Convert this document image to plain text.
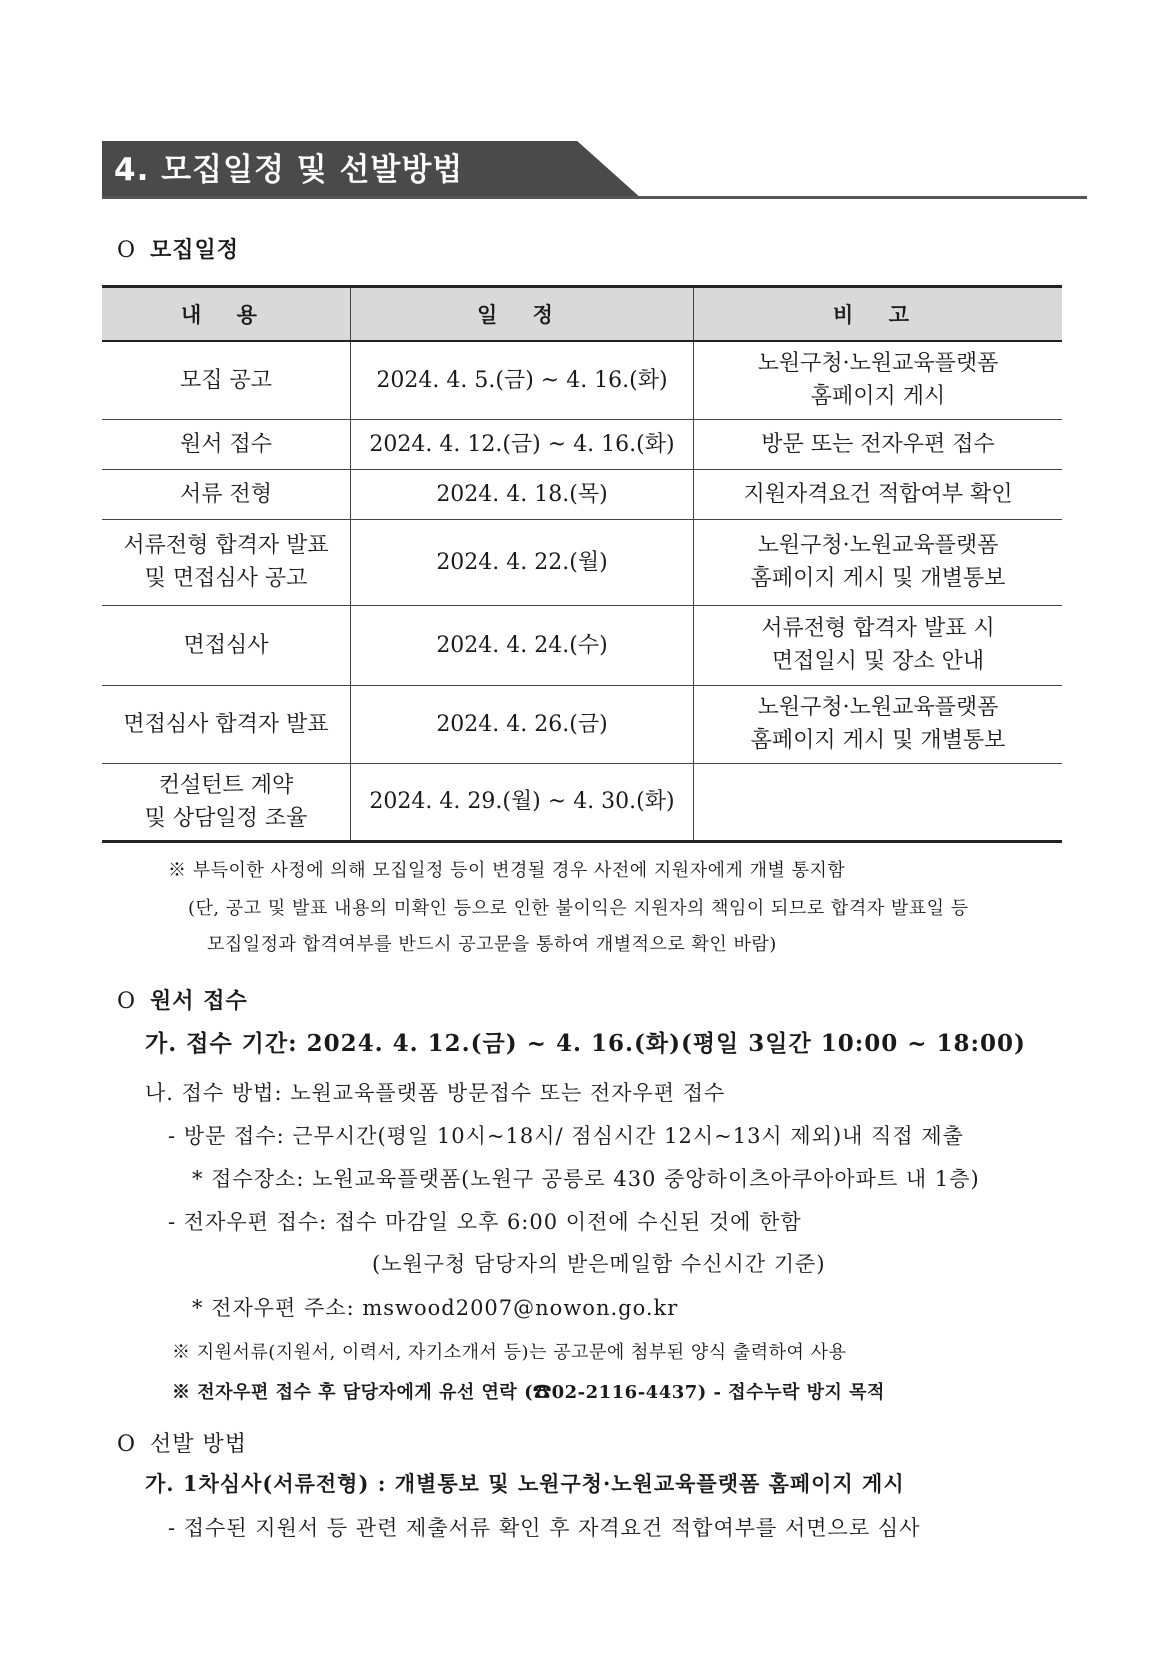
4. 모집일정 및 선발방법
O 모집일정
내 용	일 정	비 고
모집 공고	2024. 4. 5.(금) ~ 4. 16.(화)	노원구청·노원교육플랫폼
홈페이지 게시
원서 접수	2024. 4. 12.(금) ~ 4. 16.(화)	방문 또는 전자우편 접수
서류 전형	2024. 4. 18.(목)	지원자격요건 적합여부 확인
서류전형 합격자 발표
및 면접심사 공고	2024. 4. 22.(월)	노원구청·노원교육플랫폼
홈페이지 게시 및 개별통보
면접심사	2024. 4. 24.(수)	서류전형 합격자 발표 시
면접일시 및 장소 안내
면접심사 합격자 발표	2024. 4. 26.(금)	노원구청·노원교육플랫폼
홈페이지 게시 및 개별통보
컨설턴트 계약
및 상담일정 조율	2024. 4. 29.(월) ~ 4. 30.(화)	
※ 부득이한 사정에 의해 모집일정 등이 변경될 경우 사전에 지원자에게 개별 통지함
(단, 공고 및 발표 내용의 미확인 등으로 인한 불이익은 지원자의 책임이 되므로 합격자 발표일 등
모집일정과 합격여부를 반드시 공고문을 통하여 개별적으로 확인 바람)
O 원서 접수
가. 접수 기간: 2024. 4. 12.(금) ~ 4. 16.(화)(평일 3일간 10:00 ~ 18:00)
나. 접수 방법: 노원교육플랫폼 방문접수 또는 전자우편 접수
- 방문 접수: 근무시간(평일 10시~18시/ 점심시간 12시~13시 제외)내 직접 제출
* 접수장소: 노원교육플랫폼(노원구 공릉로 430 중앙하이츠아쿠아아파트 내 1층)
- 전자우편 접수: 접수 마감일 오후 6:00 이전에 수신된 것에 한함
(노원구청 담당자의 받은메일함 수신시간 기준)
* 전자우편 주소: mswood2007@nowon.go.kr
※ 지원서류(지원서, 이력서, 자기소개서 등)는 공고문에 첨부된 양식 출력하여 사용
※ 전자우편 접수 후 담당자에게 유선 연락 (☎02-2116-4437) - 접수누락 방지 목적
O 선발 방법
가. 1차심사(서류전형) : 개별통보 및 노원구청·노원교육플랫폼 홈페이지 게시
- 접수된 지원서 등 관련 제출서류 확인 후 자격요건 적합여부를 서면으로 심사
